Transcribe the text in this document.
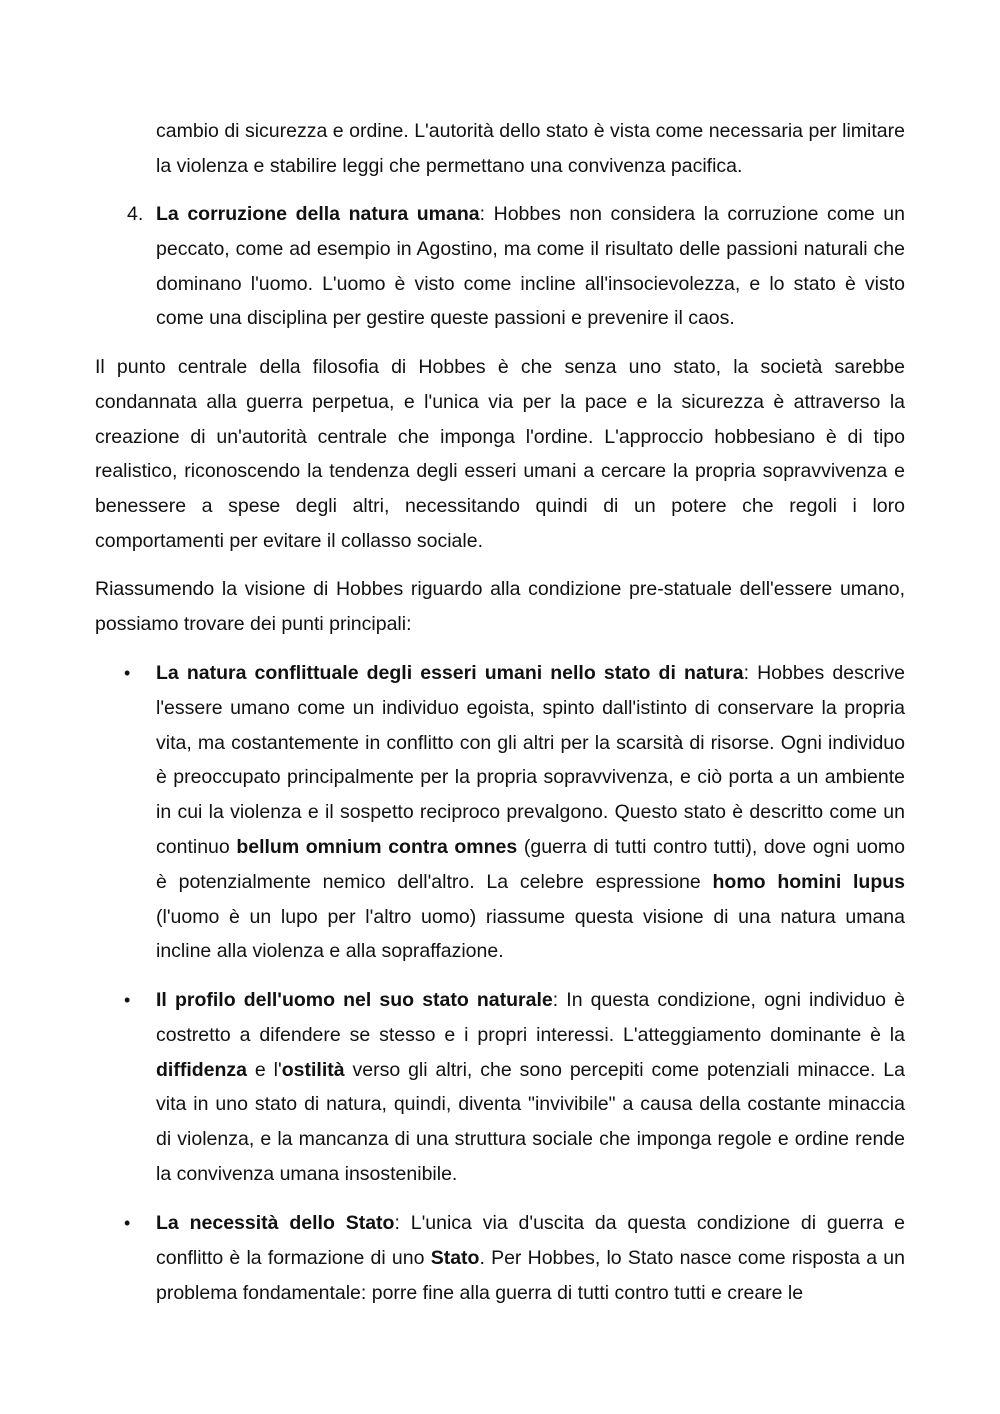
cambio di sicurezza e ordine. L'autorità dello stato è vista come necessaria per limitare la violenza e stabilire leggi che permettano una convivenza pacifica.

4. La corruzione della natura umana: Hobbes non considera la corruzione come un peccato, come ad esempio in Agostino, ma come il risultato delle passioni naturali che dominano l'uomo. L'uomo è visto come incline all'insocievolezza, e lo stato è visto come una disciplina per gestire queste passioni e prevenire il caos.

Il punto centrale della filosofia di Hobbes è che senza uno stato, la società sarebbe condannata alla guerra perpetua, e l'unica via per la pace e la sicurezza è attraverso la creazione di un'autorità centrale che imponga l'ordine. L'approccio hobbesiano è di tipo realistico, riconoscendo la tendenza degli esseri umani a cercare la propria sopravvivenza e benessere a spese degli altri, necessitando quindi di un potere che regoli i loro comportamenti per evitare il collasso sociale.

Riassumendo la visione di Hobbes riguardo alla condizione pre-statuale dell'essere umano, possiamo trovare dei punti principali:

• La natura conflittuale degli esseri umani nello stato di natura: Hobbes descrive l'essere umano come un individuo egoista, spinto dall'istinto di conservare la propria vita, ma costantemente in conflitto con gli altri per la scarsità di risorse. Ogni individuo è preoccupato principalmente per la propria sopravvivenza, e ciò porta a un ambiente in cui la violenza e il sospetto reciproco prevalgono. Questo stato è descritto come un continuo bellum omnium contra omnes (guerra di tutti contro tutti), dove ogni uomo è potenzialmente nemico dell'altro. La celebre espressione homo homini lupus (l'uomo è un lupo per l'altro uomo) riassume questa visione di una natura umana incline alla violenza e alla sopraffazione.

• Il profilo dell'uomo nel suo stato naturale: In questa condizione, ogni individuo è costretto a difendere se stesso e i propri interessi. L'atteggiamento dominante è la diffidenza e l'ostilità verso gli altri, che sono percepiti come potenziali minacce. La vita in uno stato di natura, quindi, diventa "invivibile" a causa della costante minaccia di violenza, e la mancanza di una struttura sociale che imponga regole e ordine rende la convivenza umana insostenibile.

• La necessità dello Stato: L'unica via d'uscita da questa condizione di guerra e conflitto è la formazione di uno Stato. Per Hobbes, lo Stato nasce come risposta a un problema fondamentale: porre fine alla guerra di tutti contro tutti e creare le
